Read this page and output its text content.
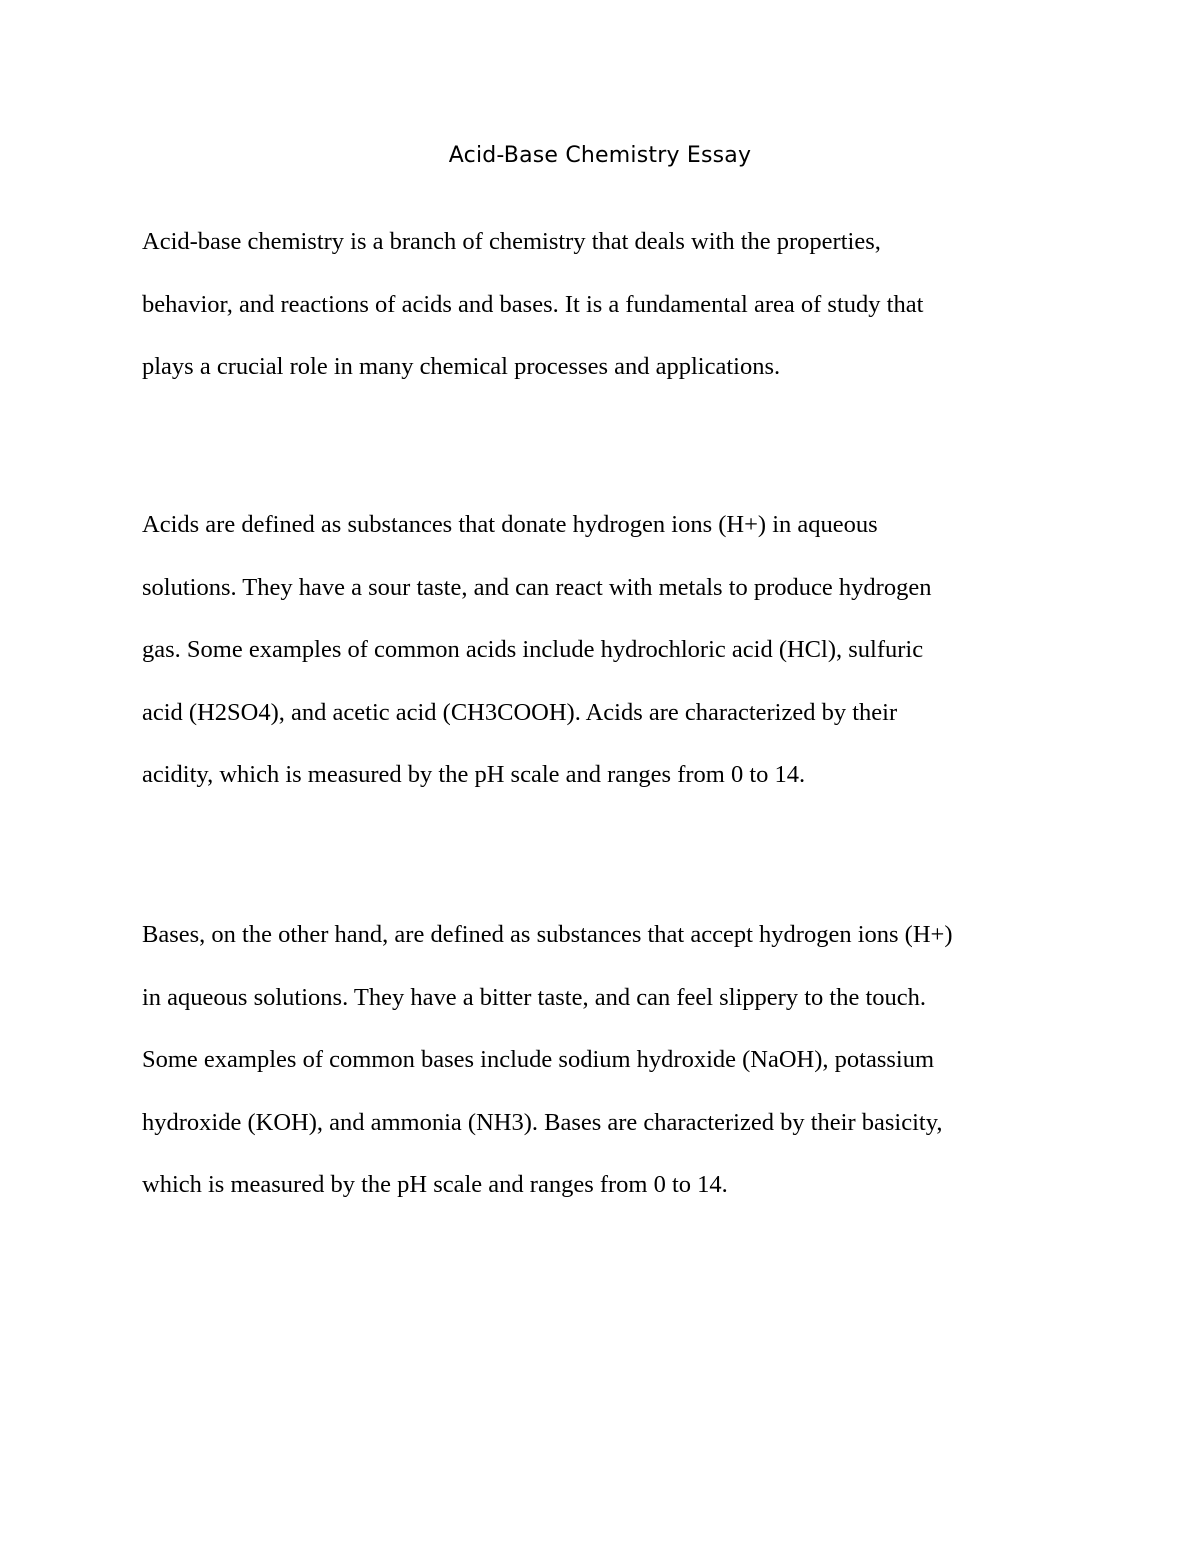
Acid-Base Chemistry Essay

Acid-base chemistry is a branch of chemistry that deals with the properties,
behavior, and reactions of acids and bases. It is a fundamental area of study that
plays a crucial role in many chemical processes and applications.

Acids are defined as substances that donate hydrogen ions (H+) in aqueous
solutions. They have a sour taste, and can react with metals to produce hydrogen
gas. Some examples of common acids include hydrochloric acid (HCl), sulfuric
acid (H2SO4), and acetic acid (CH3COOH). Acids are characterized by their
acidity, which is measured by the pH scale and ranges from 0 to 14.

Bases, on the other hand, are defined as substances that accept hydrogen ions (H+)
in aqueous solutions. They have a bitter taste, and can feel slippery to the touch.
Some examples of common bases include sodium hydroxide (NaOH), potassium
hydroxide (KOH), and ammonia (NH3). Bases are characterized by their basicity,
which is measured by the pH scale and ranges from 0 to 14.
